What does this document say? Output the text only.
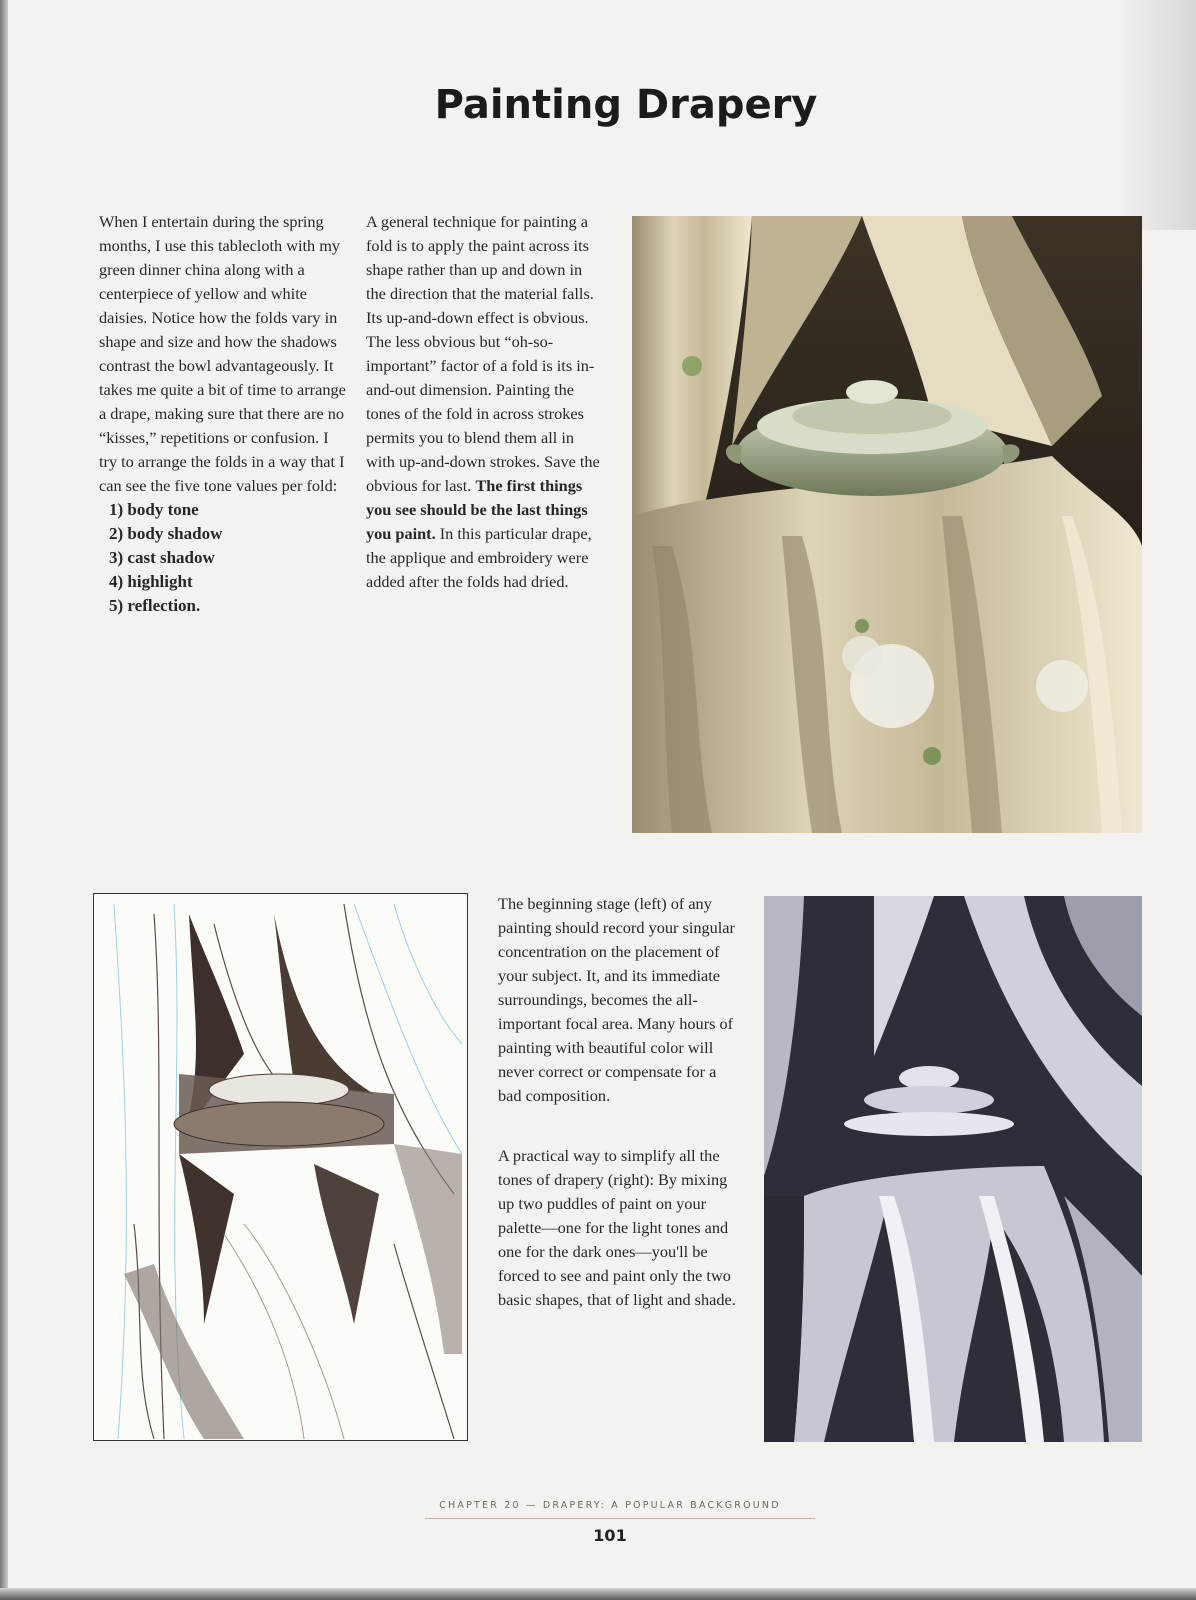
Painting Drapery

When I entertain during the spring months, I use this tablecloth with my green dinner china along with a centerpiece of yellow and white daisies. Notice how the folds vary in shape and size and how the shadows contrast the bowl advantageously. It takes me quite a bit of time to arrange a drape, making sure that there are no “kisses,” repetitions or confusion. I try to arrange the folds in a way that I can see the five tone values per fold:

1) body tone
2) body shadow
3) cast shadow
4) highlight
5) reflection.

A general technique for painting a fold is to apply the paint across its shape rather than up and down in the direction that the material falls. Its up-and-down effect is obvious. The less obvious but “oh-so-important” factor of a fold is its in-and-out dimension. Painting the tones of the fold in across strokes permits you to blend them all in with up-and-down strokes. Save the obvious for last. The first things you see should be the last things you paint. In this particular drape, the applique and embroidery were added after the folds had dried.

The beginning stage (left) of any painting should record your singular concentration on the placement of your subject. It, and its immediate surroundings, becomes the all-important focal area. Many hours of painting with beautiful color will never correct or compensate for a bad composition.

A practical way to simplify all the tones of drapery (right): By mixing up two puddles of paint on your palette—one for the light tones and one for the dark ones—you'll be forced to see and paint only the two basic shapes, that of light and shade.

CHAPTER 20 — DRAPERY: A POPULAR BACKGROUND
101
